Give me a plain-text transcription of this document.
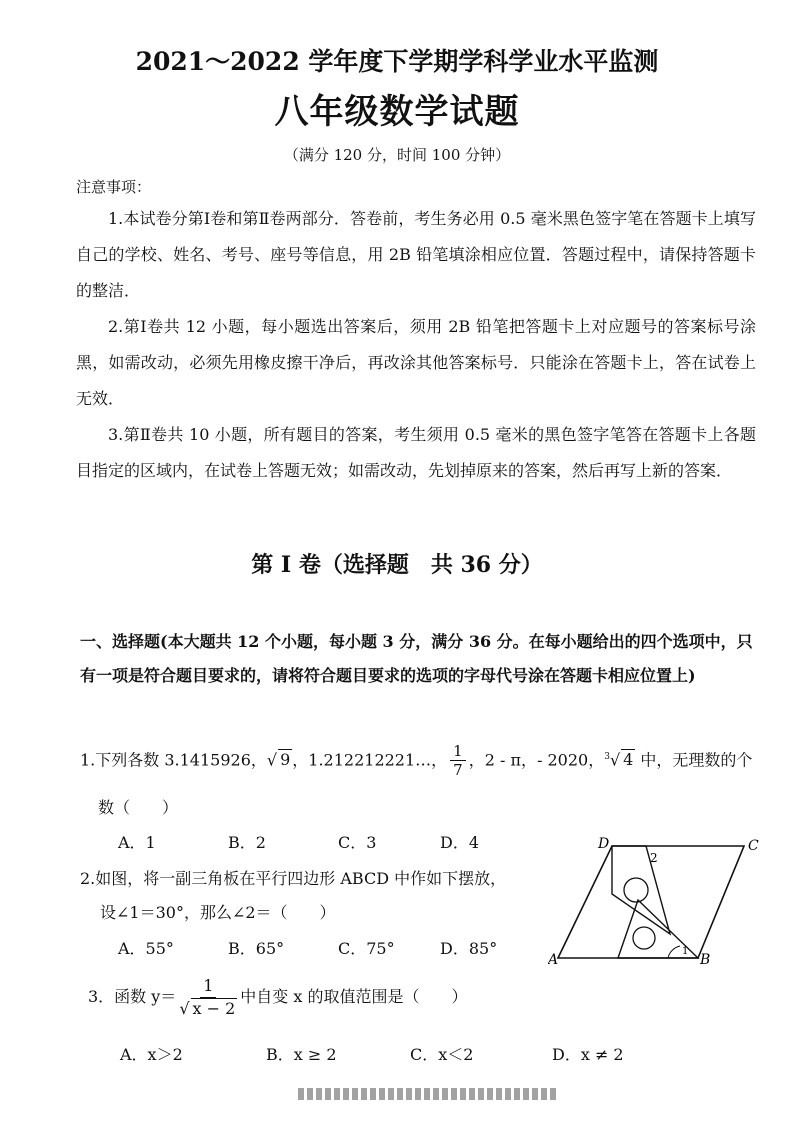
2021～2022 学年度下学期学科学业水平监测
八年级数学试题
（满分 120 分，时间 100 分钟）
注意事项：
1.本试卷分第Ⅰ卷和第Ⅱ卷两部分．答卷前，考生务必用 0.5 毫米黑色签字笔在答题卡上填写自己的学校、姓名、考号、座号等信息，用 2B 铅笔填涂相应位置．答题过程中，请保持答题卡的整洁．
2.第Ⅰ卷共 12 小题，每小题选出答案后，须用 2B 铅笔把答题卡上对应题号的答案标号涂黑，如需改动，必须先用橡皮擦干净后，再改涂其他答案标号．只能涂在答题卡上，答在试卷上无效．
3.第Ⅱ卷共 10 小题，所有题目的答案，考生须用 0.5 毫米的黑色签字笔答在答题卡上各题目指定的区域内，在试卷上答题无效；如需改动，先划掉原来的答案，然后再写上新的答案．
第 I 卷（选择题　共 36 分）
一、选择题(本大题共 12 个小题，每小题 3 分，满分 36 分。在每小题给出的四个选项中，只有一项是符合题目要求的，请将符合题目要求的选项的字母代号涂在答题卡相应位置上)
1.下列各数 3.1415926，√ 9 ，1.212212221…， $\frac{1}{7}$ ，2 - π，- 2020，$^3$√ 4 中，无理数的个
数（　　）
A．1	B．2	C．3	D．4
2.如图，将一副三角板在平行四边形 ABCD 中作如下摆放，
设∠1＝30°，那么∠2＝（　　）
A．55°	B．65°	C．75°	D．85°
D	C
A	B
2
1
3．函数 $y= \frac{1}{√ x - 2}$ 中自变 x 的取值范围是（　　）
A．x＞2	B．x ≥ 2	C．x＜2	D．x ≠ 2
